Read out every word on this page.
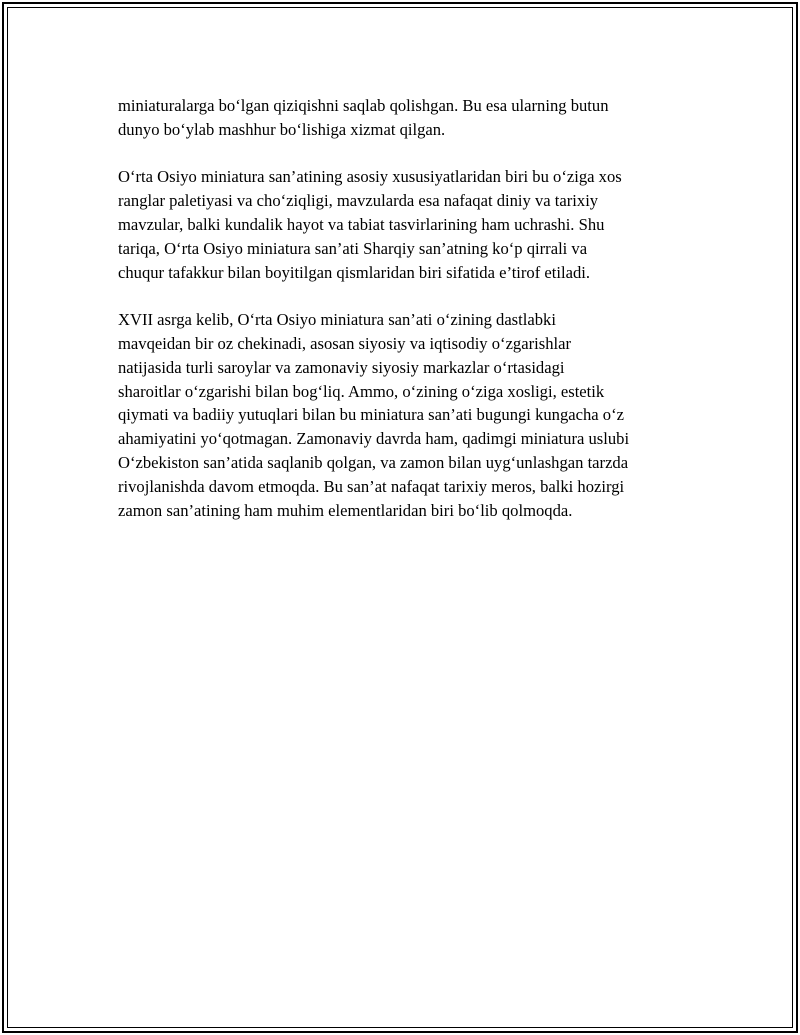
miniaturalarga bo‘lgan qiziqishni saqlab qolishgan. Bu esa ularning butun
dunyo bo‘ylab mashhur bo‘lishiga xizmat qilgan.

O‘rta Osiyo miniatura san’atining asosiy xususiyatlaridan biri bu o‘ziga xos
ranglar paletiyasi va cho‘ziqligi, mavzularda esa nafaqat diniy va tarixiy
mavzular, balki kundalik hayot va tabiat tasvirlarining ham uchrashi. Shu
tariqa, O‘rta Osiyo miniatura san’ati Sharqiy san’atning ko‘p qirrali va
chuqur tafakkur bilan boyitilgan qismlaridan biri sifatida e’tirof etiladi.

XVII asrga kelib, O‘rta Osiyo miniatura san’ati o‘zining dastlabki
mavqeidan bir oz chekinadi, asosan siyosiy va iqtisodiy o‘zgarishlar
natijasida turli saroylar va zamonaviy siyosiy markazlar o‘rtasidagi
sharoitlar o‘zgarishi bilan bog‘liq. Ammo, o‘zining o‘ziga xosligi, estetik
qiymati va badiiy yutuqlari bilan bu miniatura san’ati bugungi kungacha o‘z
ahamiyatini yo‘qotmagan. Zamonaviy davrda ham, qadimgi miniatura uslubi
O‘zbekiston san’atida saqlanib qolgan, va zamon bilan uyg‘unlashgan tarzda
rivojlanishda davom etmoqda. Bu san’at nafaqat tarixiy meros, balki hozirgi
zamon san’atining ham muhim elementlaridan biri bo‘lib qolmoqda.
